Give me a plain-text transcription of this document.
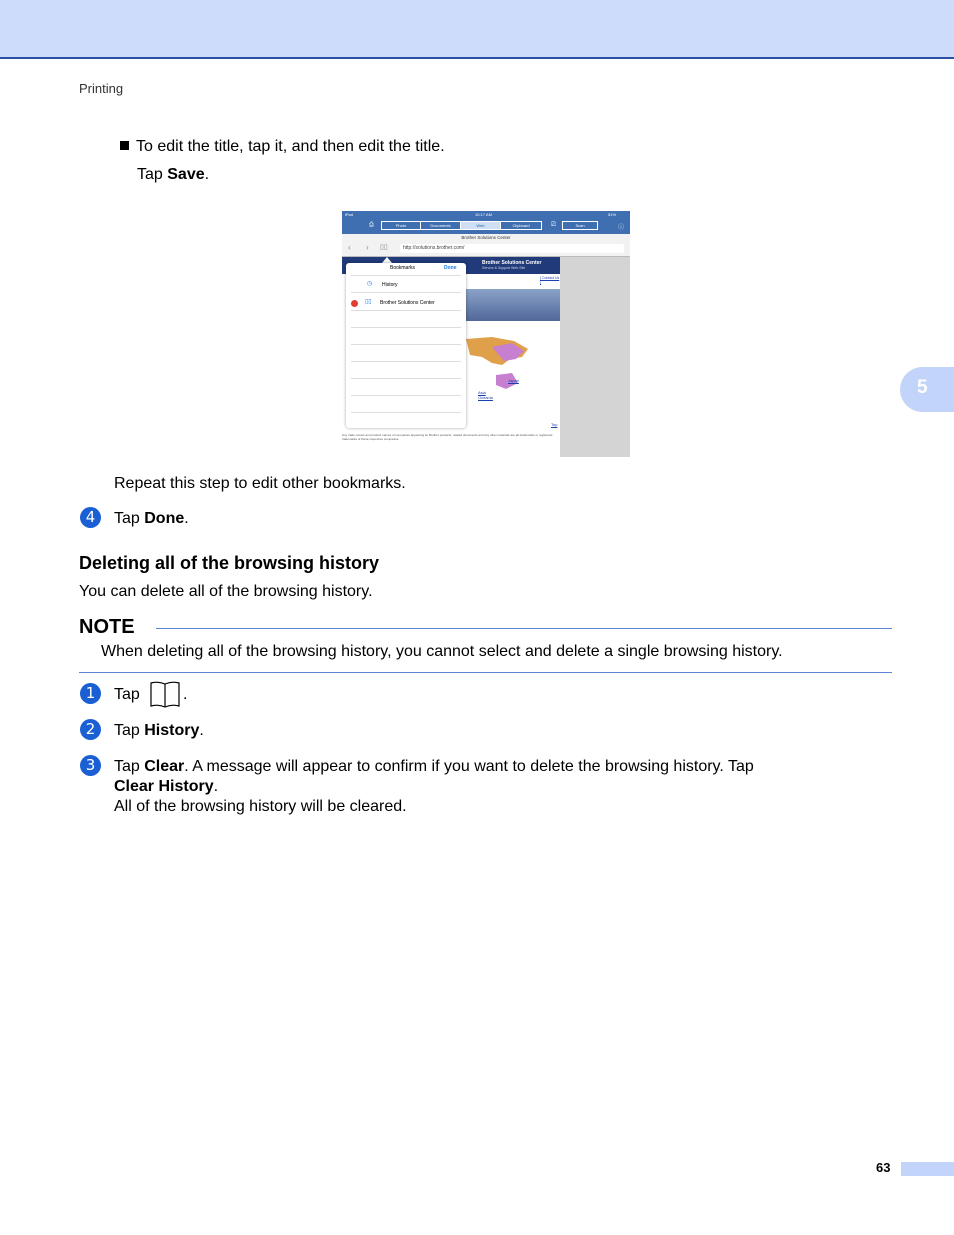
Printing
5
To edit the title, tap it, and then edit the title.
Tap Save.
iPad	10:17 AM	51%
⎙	Photo	Documents	Web	Clipboard	⎚	Scan	ⓘ
Brother Solutions Center
‹ › ▯▯	http://solutions.brother.com/
Brother Solutions Center
Service & Support Web Site
[ Contact Us ]
Japan
Asia
Oceania
Top
Any trade names and product names of companies appearing on Brother products, related documents and any other materials are all trademarks or registered trademarks of those respective companies.
Bookmarks	Done
◷ History
▯▯ Brother Solutions Center
Repeat this step to edit other bookmarks.
4	Tap Done.
Deleting all of the browsing history
You can delete all of the browsing history.
NOTE
When deleting all of the browsing history, you cannot select and delete a single browsing history.
1	Tap	.
2	Tap History.
3	Tap Clear. A message will appear to confirm if you want to delete the browsing history. Tap
Clear History.
All of the browsing history will be cleared.
63
